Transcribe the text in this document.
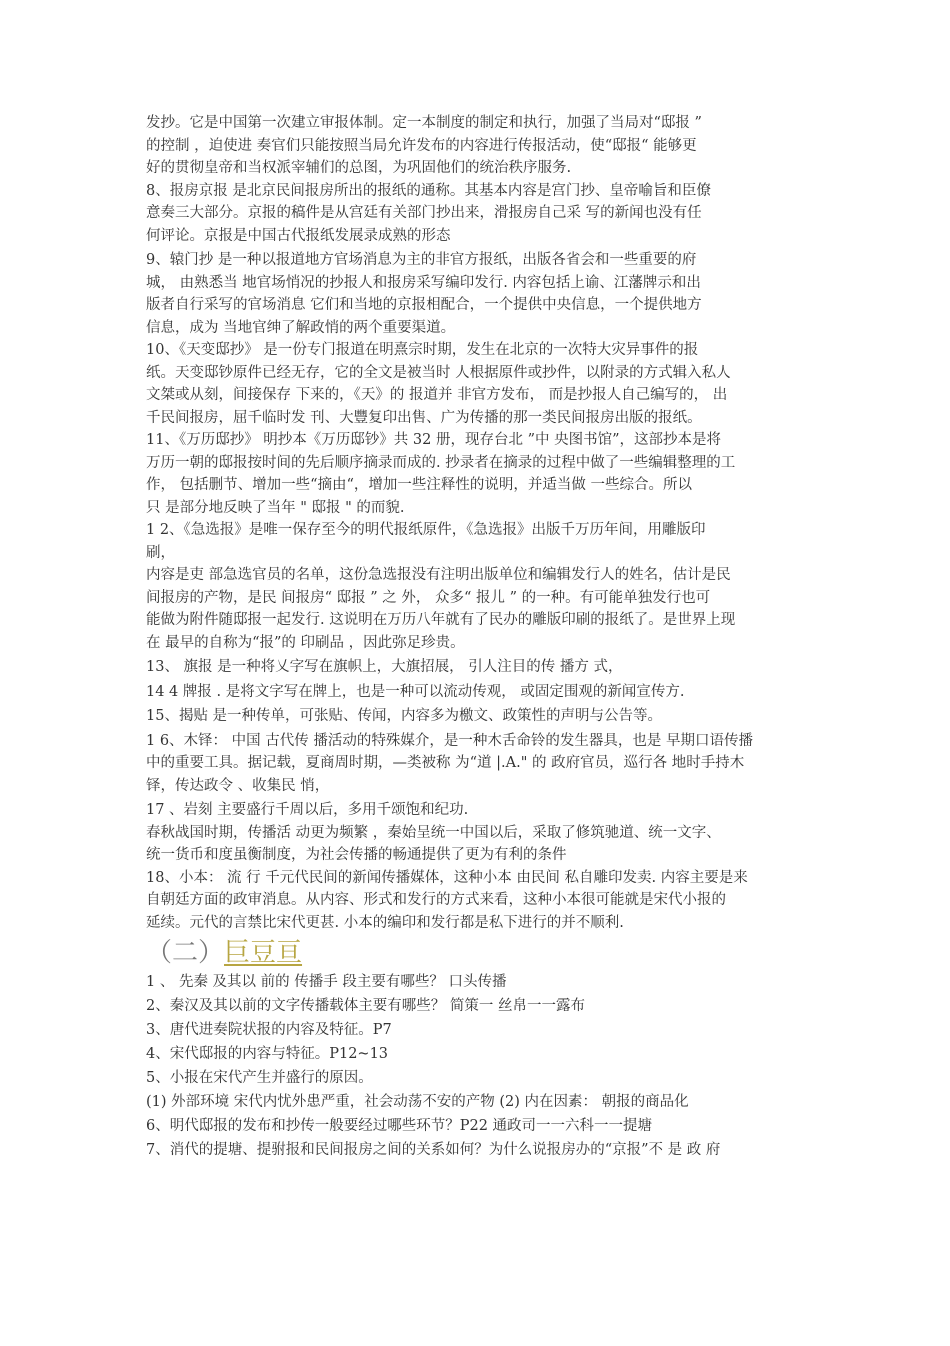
发抄。它是中国第一次建立审报体制。定一本制度的制定和执行，加强了当局对“邸报 ”
的控制 ，迫使进 奏官们只能按照当局允许发布的内容进行传报活动，使“邸报“ 能够更
好的贯彻皇帝和当权派宰辅们的总图，为巩固他们的统治秩序服务.
8、报房京报 是北京民间报房所出的报纸的通称。其基本内容是宫门抄、皇帝喻旨和臣僚
意奏三大部分。京报的稿件是从宫廷有关部门抄出来，滑报房自己采 写的新闻也没有任
何评论。京报是中国古代报纸发展录成熟的形态
9、辕门抄 是一种以报道地方官场消息为主的非官方报纸，出版各省会和一些重要的府
城， 由熟悉当 地官场悄况的抄报人和报房采写编印发行. 内容包括上谕、江藩牌示和出
版者自行采写的官场消息 它们和当地的京报相配合，一个提供中央信息，一个提供地方
信息，成为 当地官绅了解政悄的两个重要渠道。
10、《天变邸抄》 是一份专门报道在明熹宗时期，发生在北京的一次特大灾异事件的报
纸。天变邸钞原件已经无存，它的全文是被当时 人根据原件或抄件，以附录的方式辑入私人
文桀或从刻，间接保存 下来的，《天》的 报道并 非官方发布， 而是抄报人自己编写的， 出
千民间报房，屈千临时发 刊、大豐复印出售、广为传播的那一类民间报房出版的报纸。
11、《万历邸抄》 明抄本《万历邸钞》共 32 册，现存台北 ”中 央图书馆”，这部抄本是将
万历一朝的邸报按时间的先后顺序摘录而成的. 抄录者在摘录的过程中做了一些编辑整理的工
作， 包括删节、增加一些“摘由“，增加一些注释性的说明，并适当做 一些综合。所以
只 是部分地反映了当年 " 邸报 " 的而貌.
1 2、《急选报》是唯一保存至今的明代报纸原件，《急选报》出版千万历年间，用雕版印
刷，
内容是吏 部急选官员的名单，这份急选报没有注明出版单位和编辑发行人的姓名，估计是民
间报房的产物，是民 间报房“ 邸报 ” 之 外， 众多“ 报儿 ” 的一种。有可能单独发行也可
能做为附件随邸报一起发行. 这说明在万历八年就有了民办的雕版印刷的报纸了。是世界上现
在 最早的自称为“报”的 印刷品 ，因此弥足珍贵。
13、 旗报 是一种将乂字写在旗帜上，大旗招展， 引人注目的传 播方 式，
14 4 牌报 . 是将文字写在牌上，也是一种可以流动传观， 或固定围观的新闻宣传方.
15、揭贴 是一种传单，可张贴、传闻，内容多为檄文、政策性的声明与公告等。
1 6、木铎： 中国 古代传 播活动的特殊媒介，是一种木舌命铃的发生器具，也是 早期口语传播
中的重要工具。据记载，夏商周时期，—类被称 为“道 |.A." 的 政府官员，巡行各 地时手持木
铎，传达政令 、收集民 悄，
17 、岩刻 主要盛行千周以后，多用千颂饱和纪功.
春秋战国时期，传播活 动更为频繁 ，秦始呈统一中国以后，采取了修筑驰道、统一文字、
统一货币和度虽衡制度，为社会传播的畅通提供了更为有利的条件
18、小本： 流 行 千元代民间的新闻传播媒体，这种小本 由民间 私自雕印发卖. 内容主要是来
自朝廷方面的政审消息。从内容、形式和发行的方式来看，这种小本很可能就是宋代小报的
延续。元代的言禁比宋代更甚. 小本的编印和发行都是私下进行的并不顺利.
（二）巨豆亘
1 、 先秦 及其以 前的 传播手 段主要有哪些？ 口头传播
2、秦汉及其以前的文字传播载体主要有哪些？ 简策一 丝帛一一露布
3、唐代进奏院状报的内容及特征。P7
4、宋代邸报的内容与特征。P12~13
5、小报在宋代产生并盛行的原因。
(1) 外部环境 宋代内忧外患严重，社会动荡不安的产物 (2) 内在因素： 朝报的商品化
6、明代邸报的发布和抄传一般要经过哪些环节？P22 通政司一一六科一一提塘
7、消代的提塘、提驸报和民间报房之间的关系如何？为什么说报房办的“京报”不 是 政 府
